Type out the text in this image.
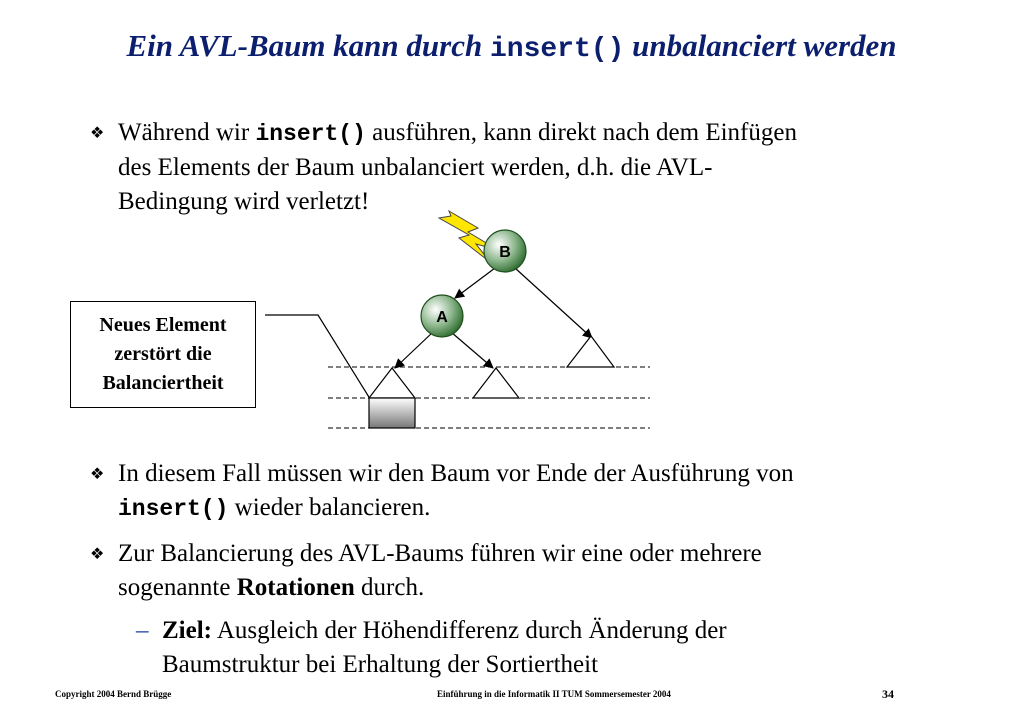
Ein AVL-Baum kann durch insert() unbalanciert werden
❖ Während wir insert() ausführen, kann direkt nach dem Einfügen
des Elements der Baum unbalanciert werden, d.h. die AVL-
Bedingung wird verletzt!
B
A
Neues Element
zerstört die
Balanciertheit
❖ In diesem Fall müssen wir den Baum vor Ende der Ausführung von
insert() wieder balancieren.
❖ Zur Balancierung des AVL-Baums führen wir eine oder mehrere
sogenannte Rotationen durch.
– Ziel: Ausgleich der Höhendifferenz durch Änderung der
Baumstruktur bei Erhaltung der Sortiertheit
Copyright 2004 Bernd Brügge	Einführung in die Informatik II TUM Sommersemester 2004	34
